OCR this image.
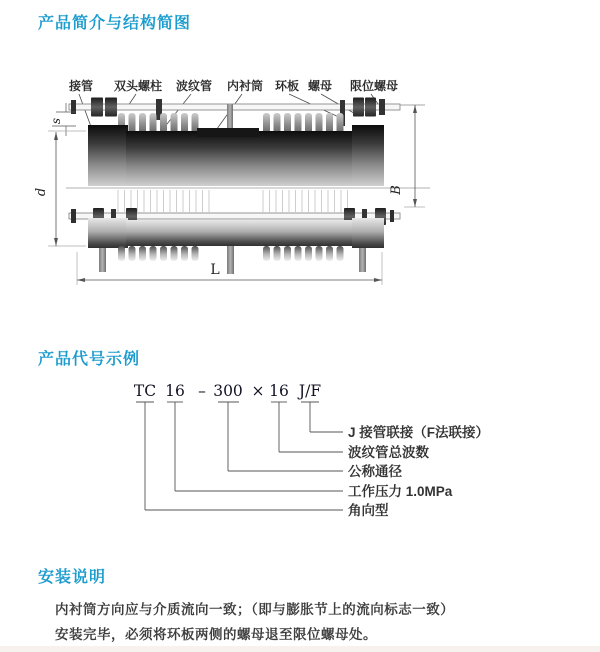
产品简介与结构简图
接管 双头螺柱 波纹管 内衬筒 环板 螺母 限位螺母
s
d	B
L
产品代号示例
TC 16 – 300 × 16 J/F
J 接管联接（F法联接）
波纹管总波数
公称通径
工作压力 1.0MPa
角向型
安装说明

内衬筒方向应与介质流向一致；（即与膨胀节上的流向标志一致）

安装完毕，必须将环板两侧的螺母退至限位螺母处。
